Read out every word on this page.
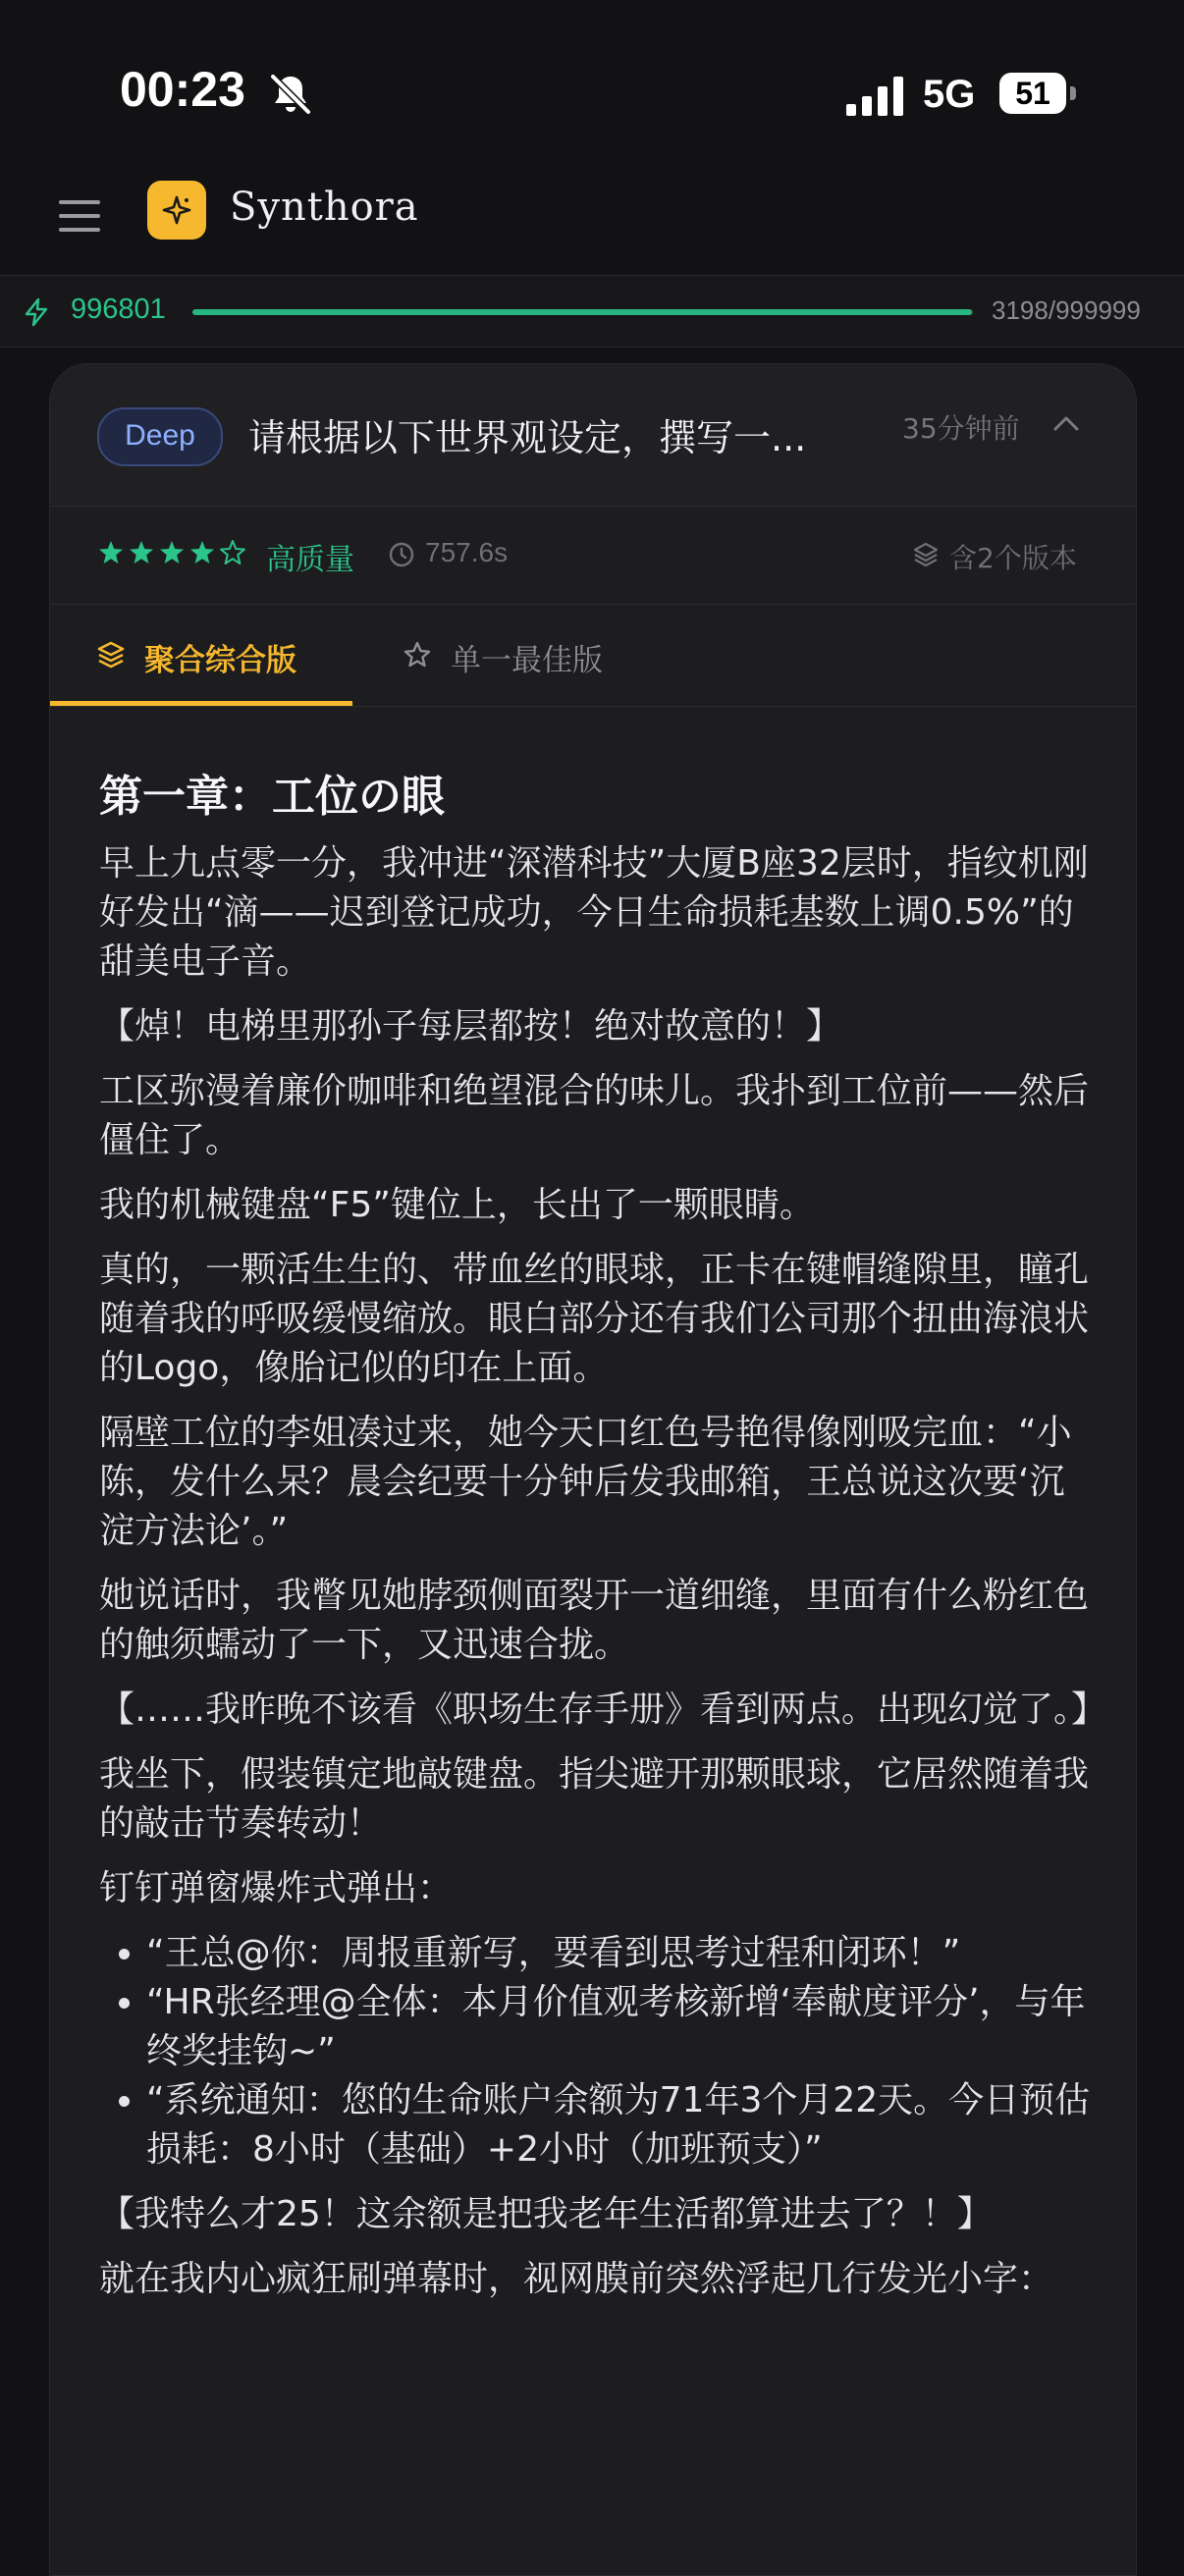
00:23	5G	51
Synthora
996801	3198/999999
Deep	请根据以下世界观设定，撰写一...	35分钟前
高质量	757.6s	含2个版本
聚合综合版	单一最佳版
第一章：工位の眼

早上九点零一分，我冲进“深潜科技”大厦B座32层时，指纹机刚好发出“滴——迟到登记成功，今日生命损耗基数上调0.5%”的甜美电子音。

【焯！电梯里那孙子每层都按！绝对故意的！】

工区弥漫着廉价咖啡和绝望混合的味儿。我扑到工位前——然后僵住了。

我的机械键盘“F5”键位上，长出了一颗眼睛。

真的，一颗活生生的、带血丝的眼球，正卡在键帽缝隙里，瞳孔随着我的呼吸缓慢缩放。眼白部分还有我们公司那个扭曲海浪状的Logo，像胎记似的印在上面。

隔壁工位的李姐凑过来，她今天口红色号艳得像刚吸完血：“小陈，发什么呆？晨会纪要十分钟后发我邮箱，王总说这次要‘沉淀方法论’。”

她说话时，我瞥见她脖颈侧面裂开一道细缝，里面有什么粉红色的触须蠕动了一下，又迅速合拢。

【……我昨晚不该看《职场生存手册》看到两点。出现幻觉了。】

我坐下，假装镇定地敲键盘。指尖避开那颗眼球，它居然随着我的敲击节奏转动！

钉钉弹窗爆炸式弹出：

• “王总@你：周报重新写，要看到思考过程和闭环！”
• “HR张经理@全体：本月价值观考核新增‘奉献度评分’，与年终奖挂钩~”
• “系统通知：您的生命账户余额为71年3个月22天。今日预估损耗：8小时（基础）+2小时（加班预支）”

【我特么才25！这余额是把我老年生活都算进去了？！】

就在我内心疯狂刷弹幕时，视网膜前突然浮起几行发光小字：
